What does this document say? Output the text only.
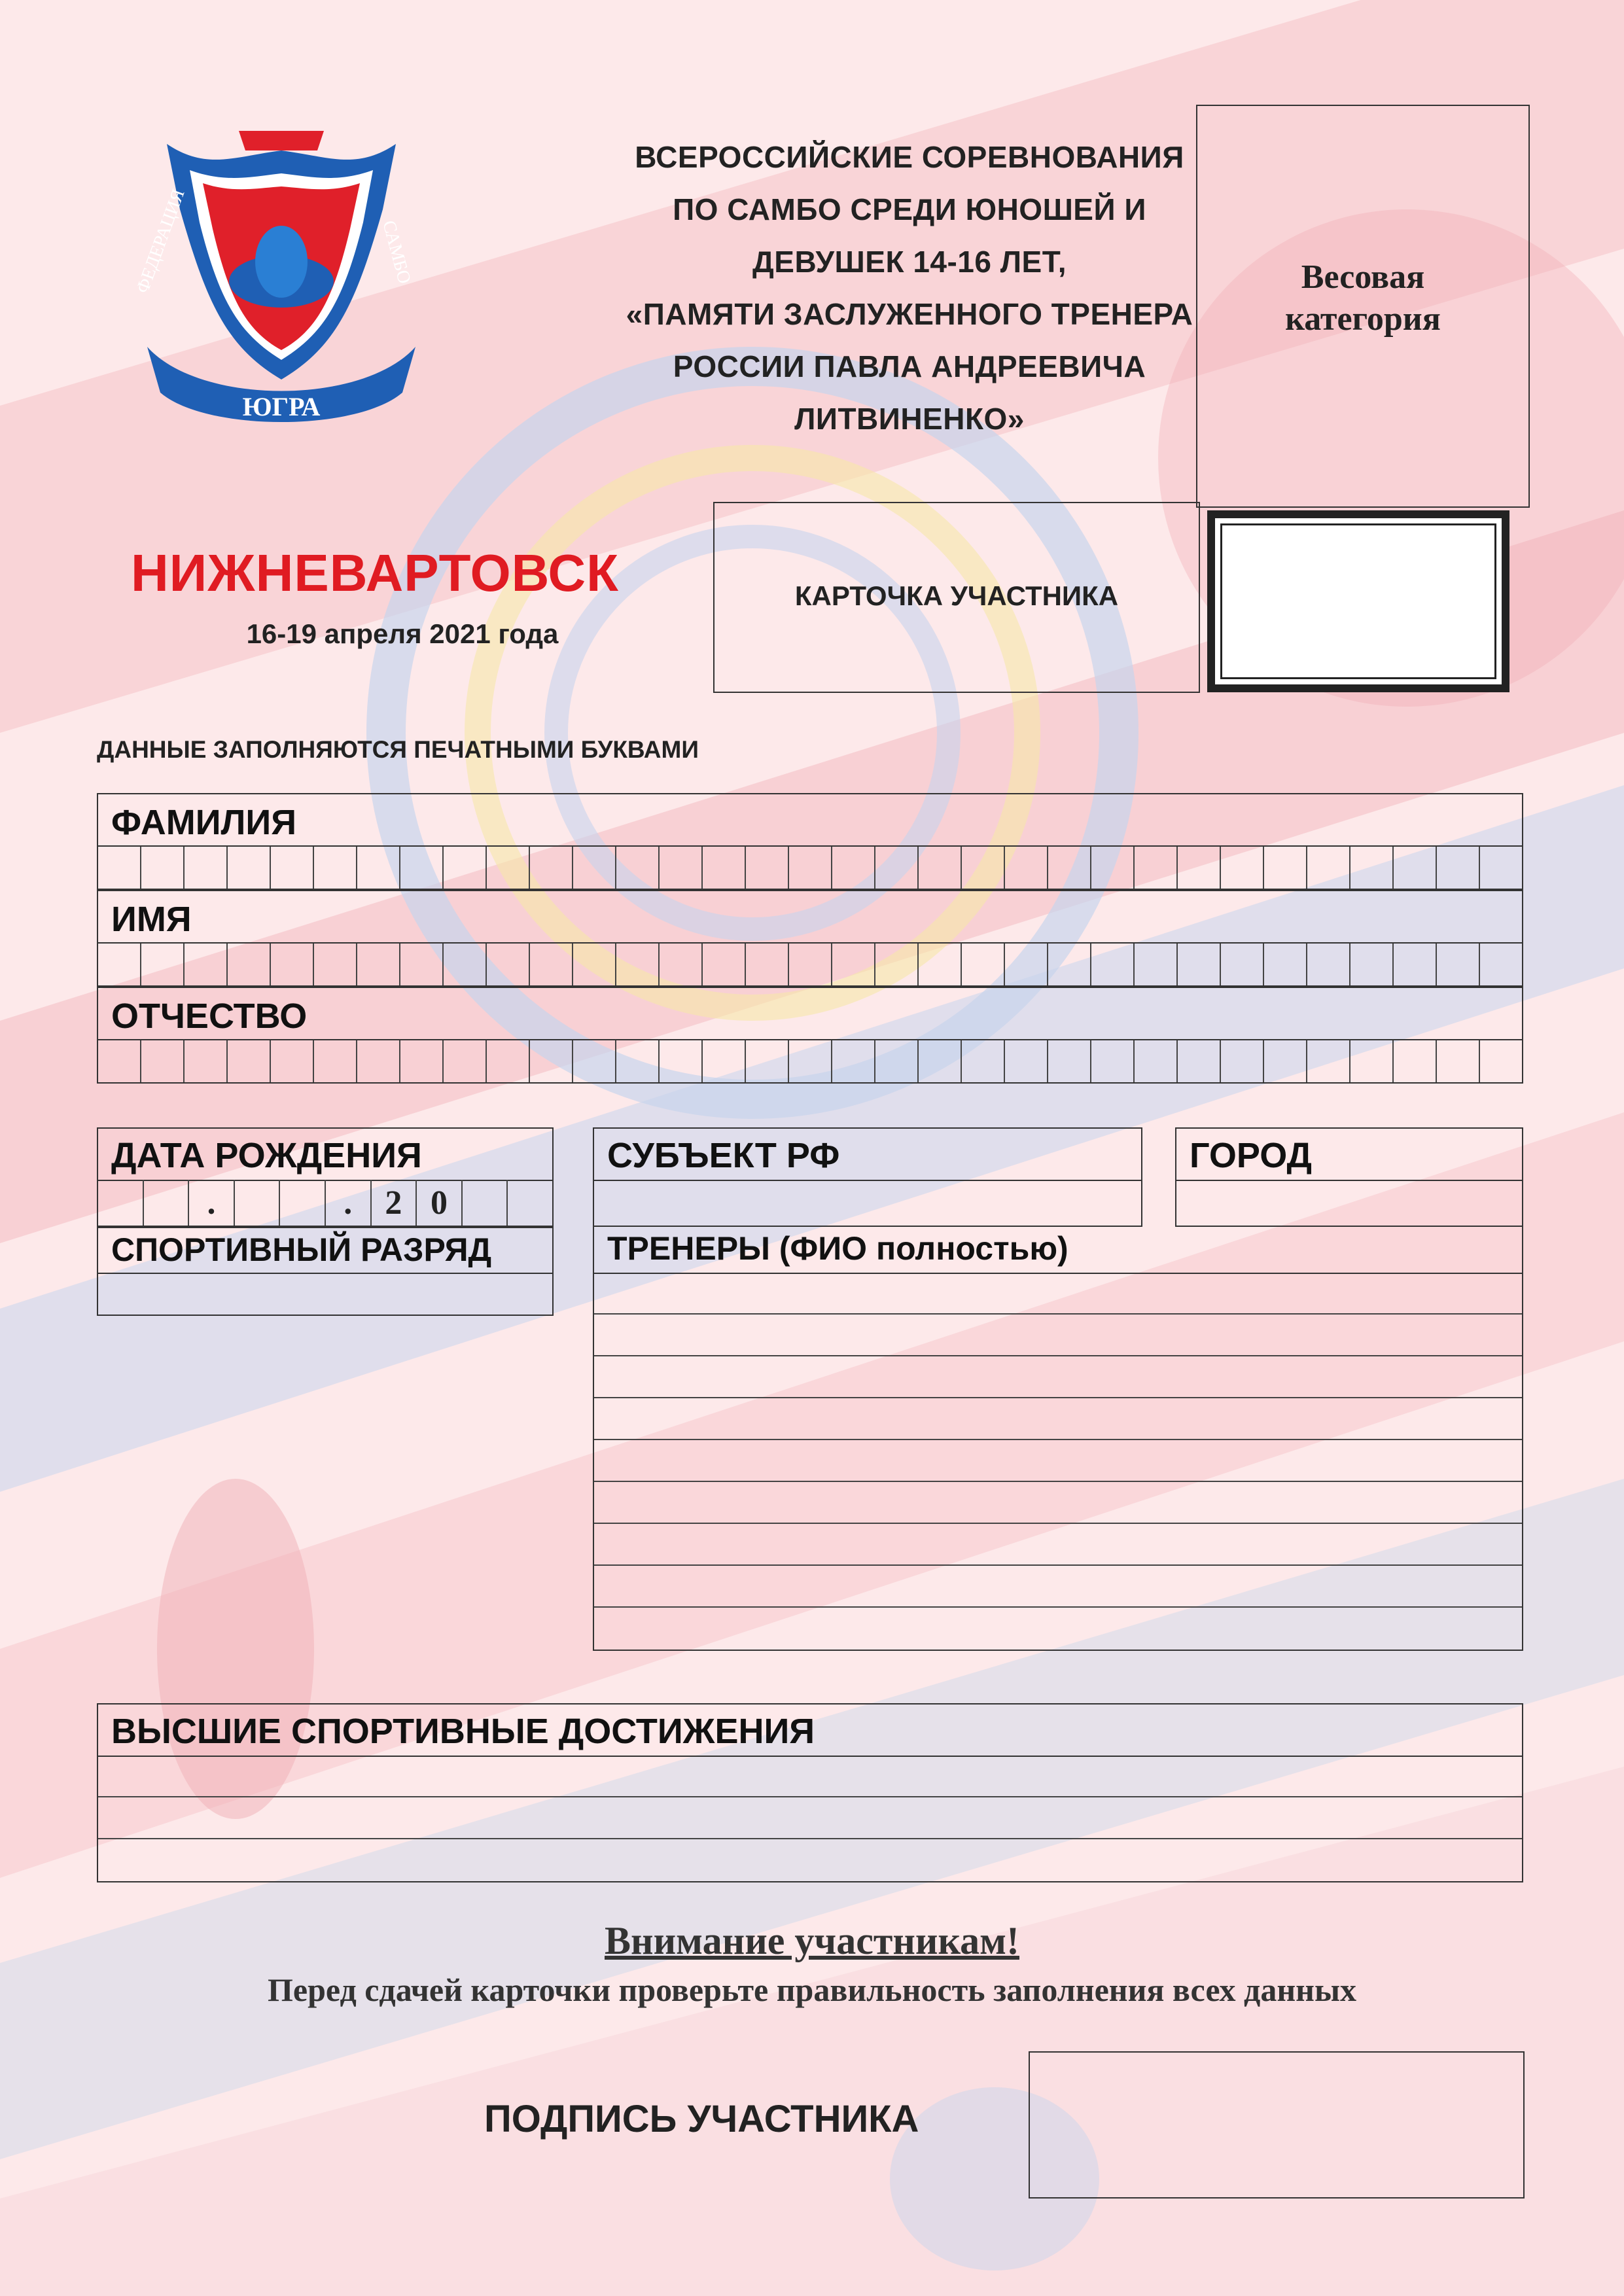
ЮГРА
ФЕДЕРАЦИЯ	САМБО
ВСЕРОССИЙСКИЕ СОРЕВНОВАНИЯ
ПО САМБО СРЕДИ ЮНОШЕЙ И
ДЕВУШЕК 14-16 ЛЕТ,
«ПАМЯТИ ЗАСЛУЖЕННОГО ТРЕНЕРА
РОССИИ ПАВЛА АНДРЕЕВИЧА
ЛИТВИНЕНКО»
Весовая
категория
НИЖНЕВАРТОВСК
16-19 апреля 2021 года
КАРТОЧКА УЧАСТНИКА
ДАННЫЕ ЗАПОЛНЯЮТСЯ ПЕЧАТНЫМИ БУКВАМИ
ФАМИЛИЯ
ИМЯ
ОТЧЕСТВО
ДАТА РОЖДЕНИЯ
.	. 2 0
СПОРТИВНЫЙ РАЗРЯД
СУБЪЕКТ РФ	ГОРОД
ТРЕНЕРЫ (ФИО полностью)
ВЫСШИЕ СПОРТИВНЫЕ ДОСТИЖЕНИЯ
Внимание участникам!
Перед сдачей карточки проверьте правильность заполнения всех данных
ПОДПИСЬ УЧАСТНИКА
